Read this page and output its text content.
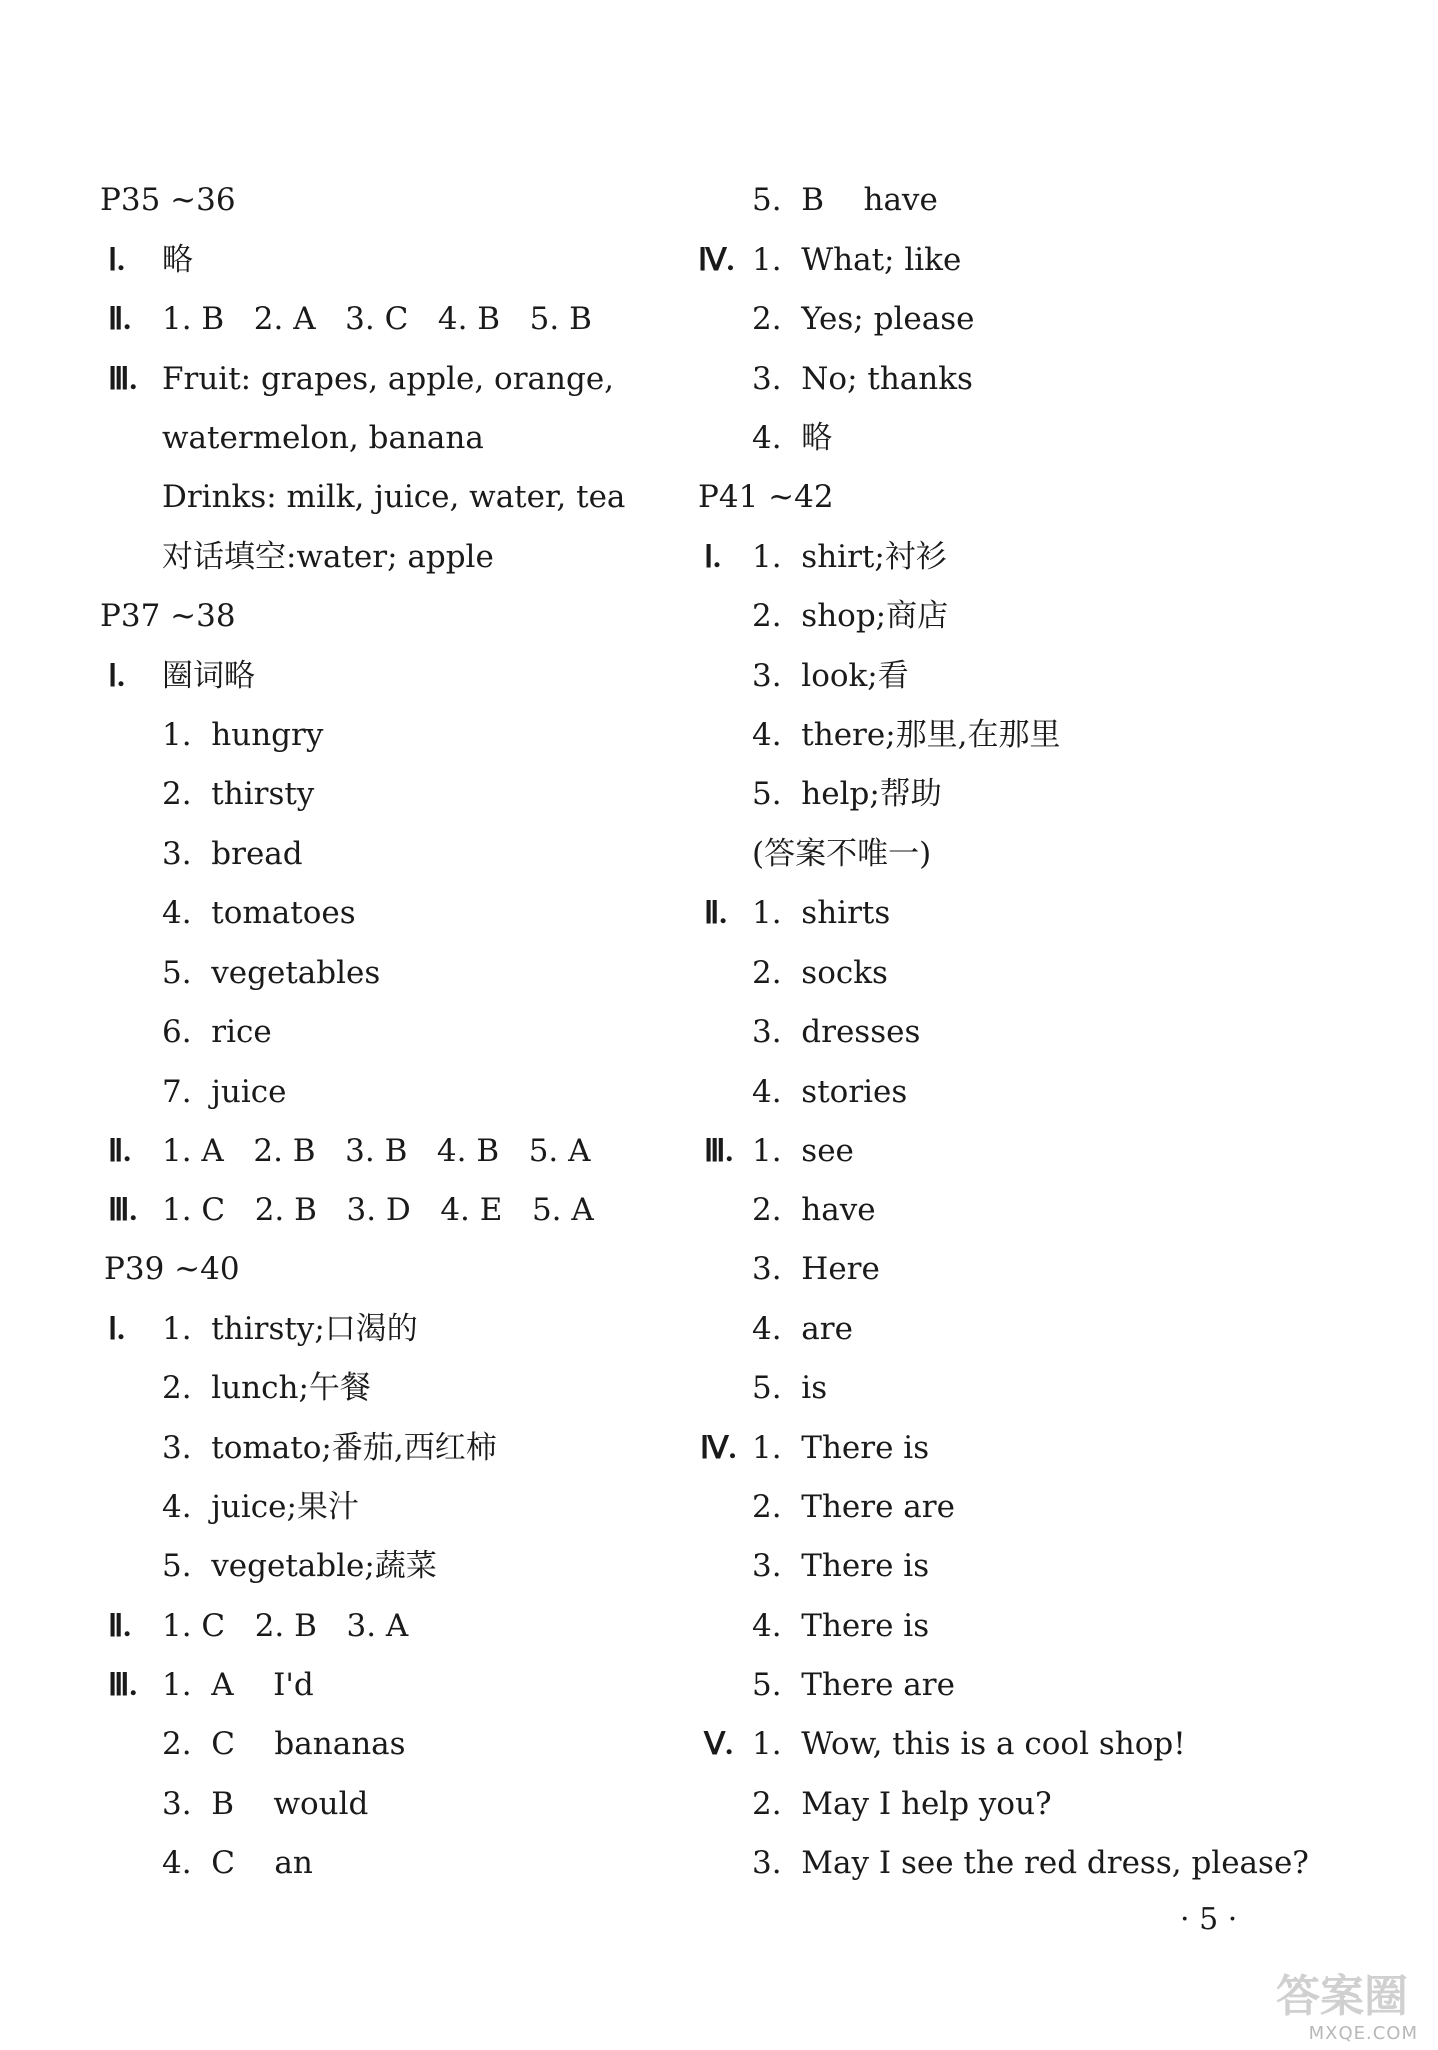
P35 ~36
Ⅰ. 略
Ⅱ. 1. B   2. A   3. C   4. B   5. B
Ⅲ. Fruit: grapes, apple, orange,
watermelon, banana
Drinks: milk, juice, water, tea
对话填空:water; apple
P37 ~38
Ⅰ. 圈词略
1.  hungry
2.  thirsty
3.  bread
4.  tomatoes
5.  vegetables
6.  rice
7.  juice
Ⅱ. 1. A   2. B   3. B   4. B   5. A
Ⅲ. 1. C   2. B   3. D   4. E   5. A
P39 ~40
Ⅰ. 1.  thirsty;口渴的
2.  lunch;午餐
3.  tomato;番茄,西红柿
4.  juice;果汁
5.  vegetable;蔬菜
Ⅱ. 1. C   2. B   3. A
Ⅲ. 1.  A    I'd
2.  C    bananas
3.  B    would
4.  C    an
5.  B    have
Ⅳ. 1.  What; like
2.  Yes; please
3.  No; thanks
4.  略
P41 ~42
Ⅰ. 1.  shirt;衬衫
2.  shop;商店
3.  look;看
4.  there;那里,在那里
5.  help;帮助
(答案不唯一)
Ⅱ. 1.  shirts
2.  socks
3.  dresses
4.  stories
Ⅲ. 1.  see
2.  have
3.  Here
4.  are
5.  is
Ⅳ. 1.  There is
2.  There are
3.  There is
4.  There is
5.  There are
Ⅴ. 1.  Wow, this is a cool shop!
2.  May I help you?
3.  May I see the red dress, please?
· 5 ·
答案圈
MXQE.COM
